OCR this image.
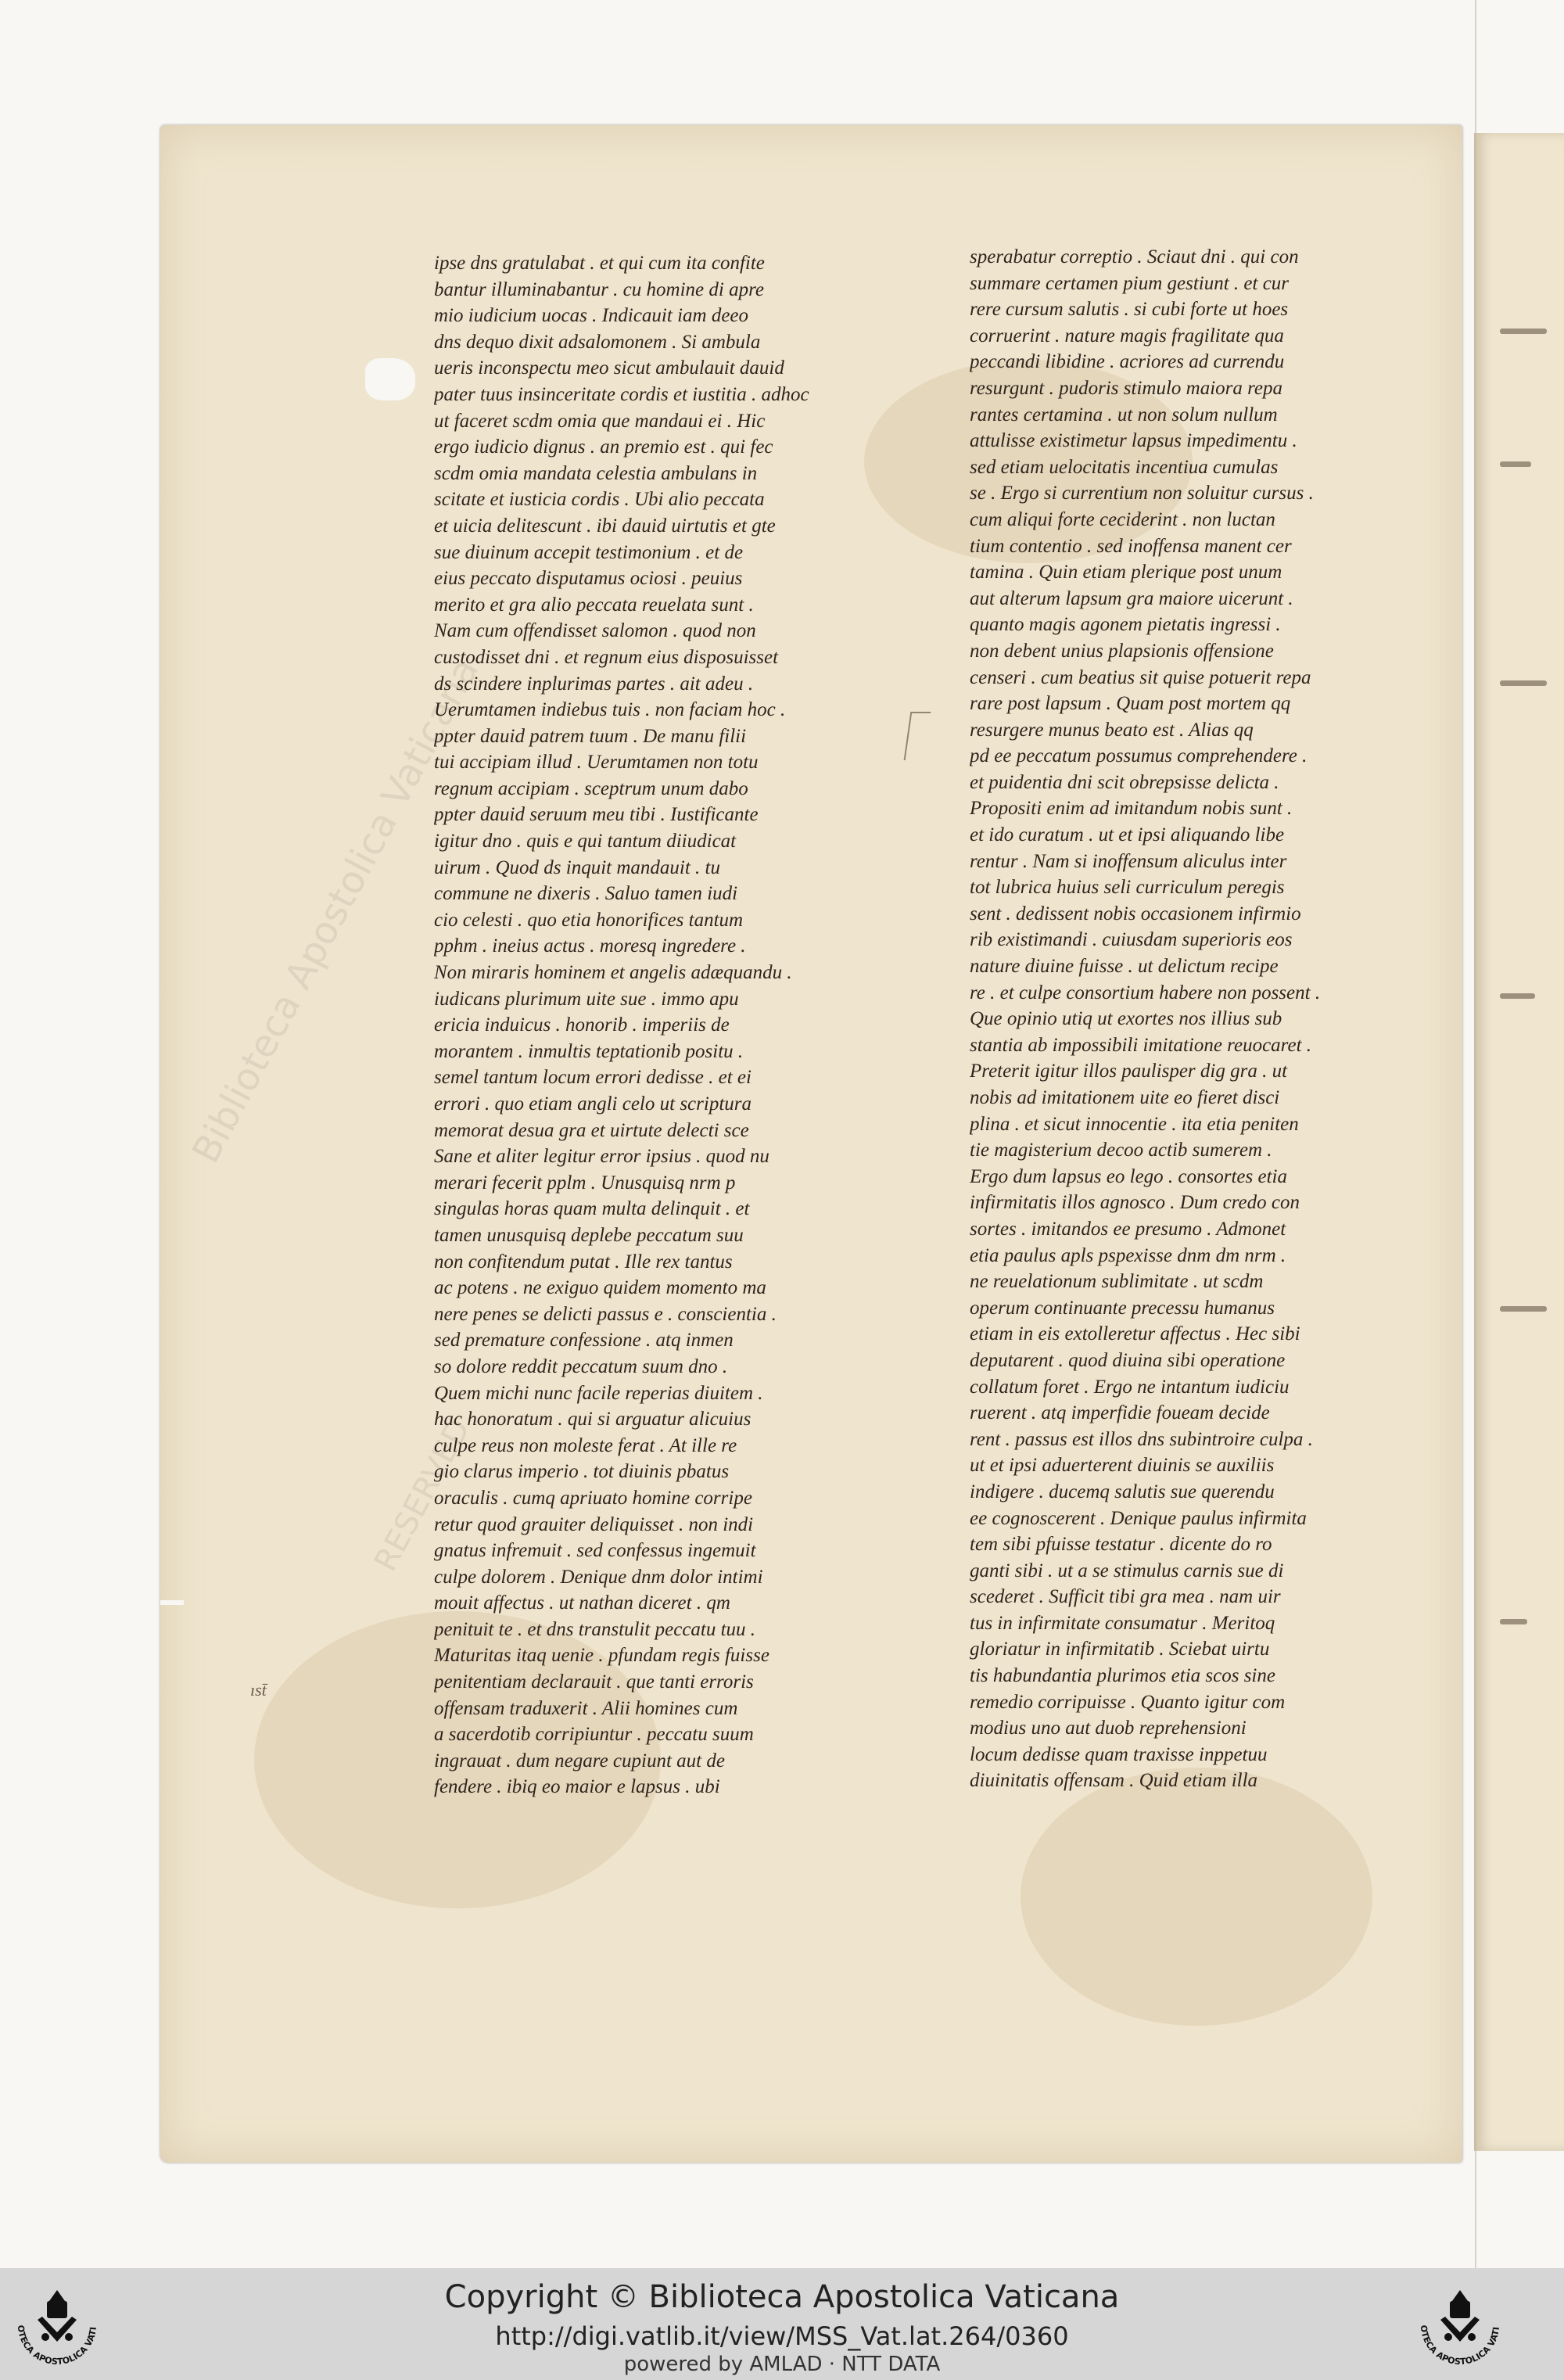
Biblioteca Apostolica Vaticana
RESERVED
ipse dns gratulabat . et qui cum ita confite
bantur illuminabantur . cu homine di apre
mio iudicium uocas . Indicauit iam deeo
dns dequo dixit adsalomonem . Si ambula
ueris inconspectu meo sicut ambulauit dauid
pater tuus insinceritate cordis et iustitia . adhoc
ut faceret scdm omia que mandaui ei . Hic
ergo iudicio dignus . an premio est . qui fec
scdm omia mandata celestia ambulans in
scitate et iusticia cordis . Ubi alio peccata
et uicia delitescunt . ibi dauid uirtutis et gte
sue diuinum accepit testimonium . et de
eius peccato disputamus ociosi . peuius
merito et gra alio peccata reuelata sunt .
Nam cum offendisset salomon . quod non
custodisset dni . et regnum eius disposuisset
ds scindere inplurimas partes . ait adeu .
Uerumtamen indiebus tuis . non faciam hoc .
ppter dauid patrem tuum . De manu filii
tui accipiam illud . Uerumtamen non totu
regnum accipiam . sceptrum unum dabo
ppter dauid seruum meu tibi . Iustificante
igitur dno . quis e qui tantum diiudicat
uirum . Quod ds inquit mandauit . tu
commune ne dixeris . Saluo tamen iudi
cio celesti . quo etia honorifices tantum
pphm . ineius actus . moresq ingredere .
Non miraris hominem et angelis adæquandu .
iudicans plurimum uite sue . immo apu
ericia induicus . honorib . imperiis de
morantem . inmultis teptationib positu .
semel tantum locum errori dedisse . et ei
errori . quo etiam angli celo ut scriptura
memorat desua gra et uirtute delecti sce
Sane et aliter legitur error ipsius . quod nu
merari fecerit pplm . Unusquisq nrm p
singulas horas quam multa delinquit . et
tamen unusquisq deplebe peccatum suu
non confitendum putat . Ille rex tantus
ac potens . ne exiguo quidem momento ma
nere penes se delicti passus e . conscientia .
sed premature confessione . atq inmen
so dolore reddit peccatum suum dno .
Quem michi nunc facile reperias diuitem .
hac honoratum . qui si arguatur alicuius
culpe reus non moleste ferat . At ille re
gio clarus imperio . tot diuinis pbatus
oraculis . cumq apriuato homine corripe
retur quod grauiter deliquisset . non indi
gnatus infremuit . sed confessus ingemuit
culpe dolorem . Denique dnm dolor intimi
mouit affectus . ut nathan diceret . qm
penituit te . et dns transtulit peccatu tuu .
Maturitas itaq uenie . pfundam regis fuisse
penitentiam declarauit . que tanti erroris
offensam traduxerit . Alii homines cum
a sacerdotib corripiuntur . peccatu suum
ingrauat . dum negare cupiunt aut de
fendere . ibiq eo maior e lapsus . ubi
sperabatur correptio . Sciaut dni . qui con
summare certamen pium gestiunt . et cur
rere cursum salutis . si cubi forte ut hoes
corruerint . nature magis fragilitate qua
peccandi libidine . acriores ad currendu
resurgunt . pudoris stimulo maiora repa
rantes certamina . ut non solum nullum
attulisse existimetur lapsus impedimentu .
sed etiam uelocitatis incentiua cumulas
se . Ergo si currentium non soluitur cursus .
cum aliqui forte ceciderint . non luctan
tium contentio . sed inoffensa manent cer
tamina . Quin etiam plerique post unum
aut alterum lapsum gra maiore uicerunt .
quanto magis agonem pietatis ingressi .
non debent unius plapsionis offensione
censeri . cum beatius sit quise potuerit repa
rare post lapsum . Quam post mortem qq
resurgere munus beato est . Alias qq
pd ee peccatum possumus comprehendere .
et puidentia dni scit obrepsisse delicta .
Propositi enim ad imitandum nobis sunt .
et ido curatum . ut et ipsi aliquando libe
rentur . Nam si inoffensum aliculus inter
tot lubrica huius seli curriculum peregis
sent . dedissent nobis occasionem infirmio
rib existimandi . cuiusdam superioris eos
nature diuine fuisse . ut delictum recipe
re . et culpe consortium habere non possent .
Que opinio utiq ut exortes nos illius sub
stantia ab impossibili imitatione reuocaret .
Preterit igitur illos paulisper dig gra . ut
nobis ad imitationem uite eo fieret disci
plina . et sicut innocentie . ita etia peniten
tie magisterium decoo actib sumerem .
Ergo dum lapsus eo lego . consortes etia
infirmitatis illos agnosco . Dum credo con
sortes . imitandos ee presumo . Admonet
etia paulus apls pspexisse dnm dm nrm .
ne reuelationum sublimitate . ut scdm
operum continuante precessu humanus
etiam in eis extolleretur affectus . Hec sibi
deputarent . quod diuina sibi operatione
collatum foret . Ergo ne intantum iudiciu
ruerent . atq imperfidie foueam decide
rent . passus est illos dns subintroire culpa .
ut et ipsi aduerterent diuinis se auxiliis
indigere . ducemq salutis sue querendu
ee cognoscerent . Denique paulus infirmita
tem sibi pfuisse testatur . dicente do ro
ganti sibi . ut a se stimulus carnis sue di
scederet . Sufficit tibi gra mea . nam uir
tus in infirmitate consumatur . Meritoq
gloriatur in infirmitatib . Sciebat uirtu
tis habundantia plurimos etia scos sine
remedio corripuisse . Quanto igitur com
modius uno aut duob reprehensioni
locum dedisse quam traxisse inppetuu
diuinitatis offensam . Quid etiam illa
ıst̄
OTECA APOSTOLICA VATI
Copyright © Biblioteca Apostolica Vaticana
http://digi.vatlib.it/view/MSS_Vat.lat.264/0360
powered by AMLAD · NTT DATA
OTECA APOSTOLICA VATI
